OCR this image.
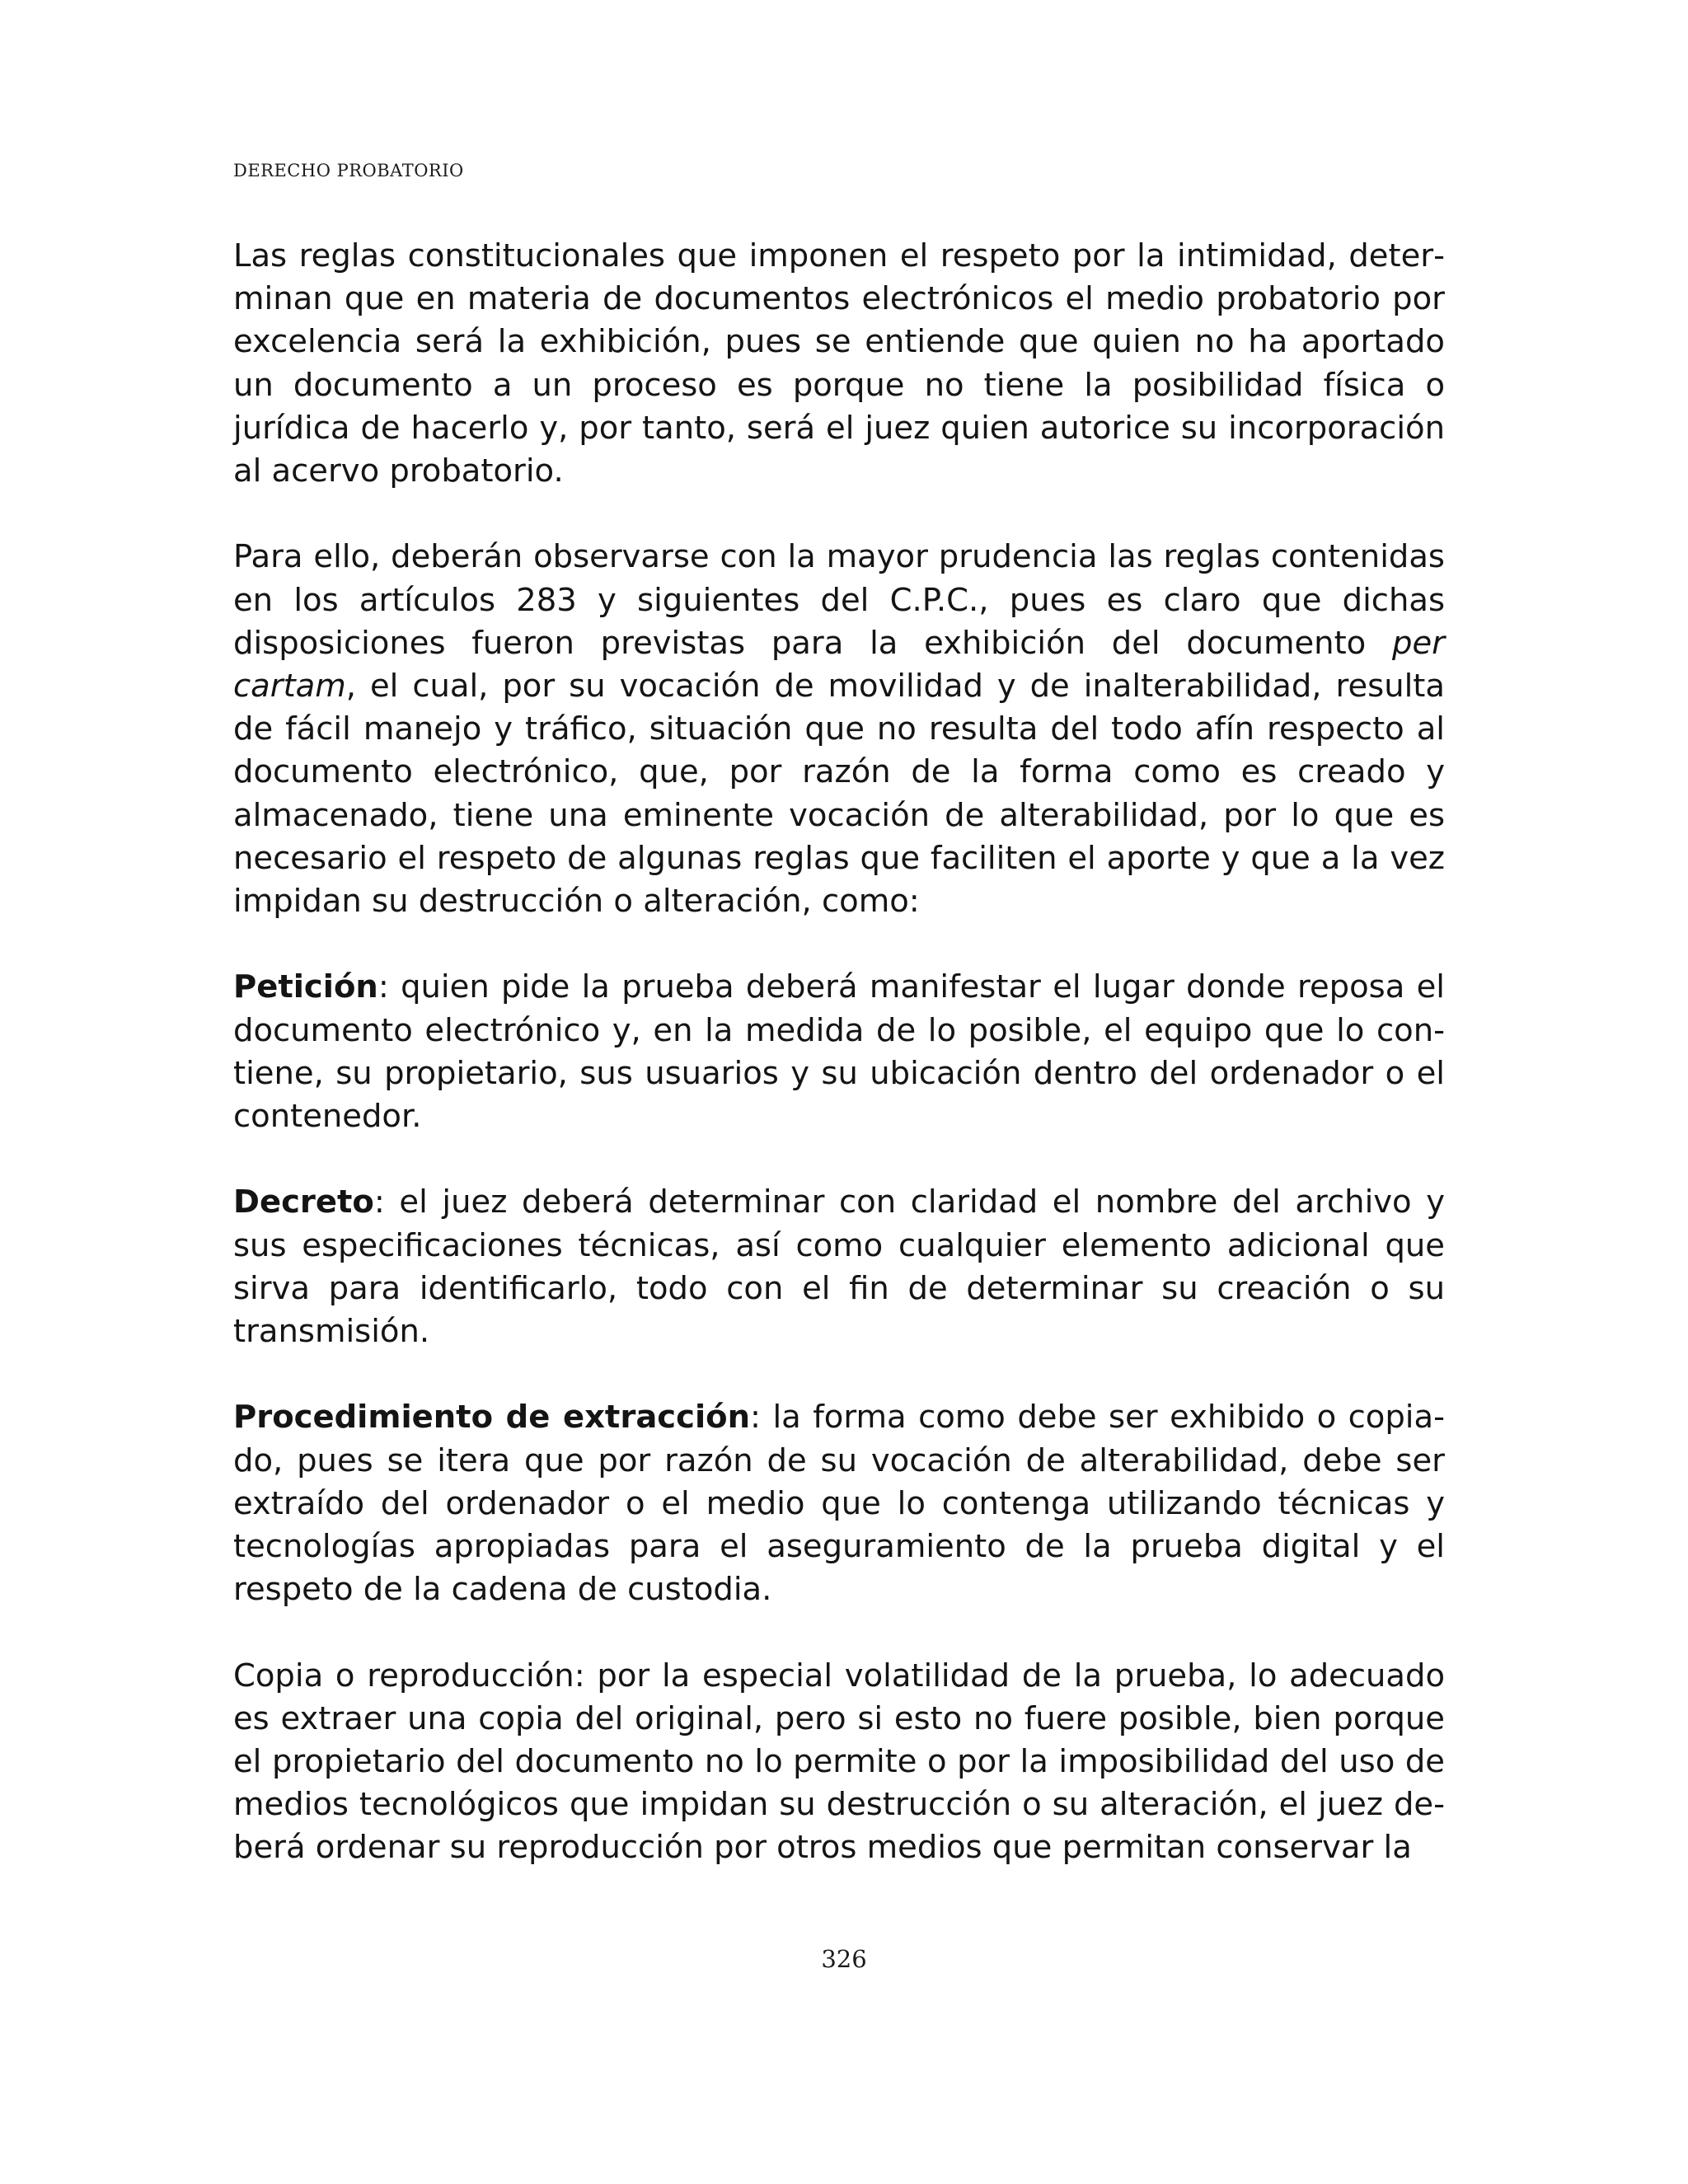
DERECHO PROBATORIO

Las reglas constitucionales que imponen el respeto por la intimidad, determinan que en materia de documentos electrónicos el medio probatorio por excelencia será la exhibición, pues se entiende que quien no ha aportado un documento a un proceso es porque no tiene la posibilidad física o jurídica de hacerlo y, por tanto, será el juez quien autorice su incorporación al acervo probatorio.

Para ello, deberán observarse con la mayor prudencia las reglas contenidas en los artículos 283 y siguientes del C.P.C., pues es claro que dichas disposiciones fueron previstas para la exhibición del documento per cartam, el cual, por su vocación de movilidad y de inalterabilidad, resulta de fácil manejo y tráfico, situación que no resulta del todo afín respecto al documento electrónico, que, por razón de la forma como es creado y almacenado, tiene una eminente vocación de alterabilidad, por lo que es necesario el respeto de algunas reglas que faciliten el aporte y que a la vez impidan su destrucción o alteración, como:

Petición: quien pide la prueba deberá manifestar el lugar donde reposa el documento electrónico y, en la medida de lo posible, el equipo que lo contiene, su propietario, sus usuarios y su ubicación dentro del ordenador o el contenedor.

Decreto: el juez deberá determinar con claridad el nombre del archivo y sus especificaciones técnicas, así como cualquier elemento adicional que sirva para identificarlo, todo con el fin de determinar su creación o su transmisión.

Procedimiento de extracción: la forma como debe ser exhibido o copiado, pues se itera que por razón de su vocación de alterabilidad, debe ser extraído del ordenador o el medio que lo contenga utilizando técnicas y tecnologías apropiadas para el aseguramiento de la prueba digital y el respeto de la cadena de custodia.

Copia o reproducción: por la especial volatilidad de la prueba, lo adecuado es extraer una copia del original, pero si esto no fuere posible, bien porque el propietario del documento no lo permite o por la imposibilidad del uso de medios tecnológicos que impidan su destrucción o su alteración, el juez deberá ordenar su reproducción por otros medios que permitan conservar la

326
